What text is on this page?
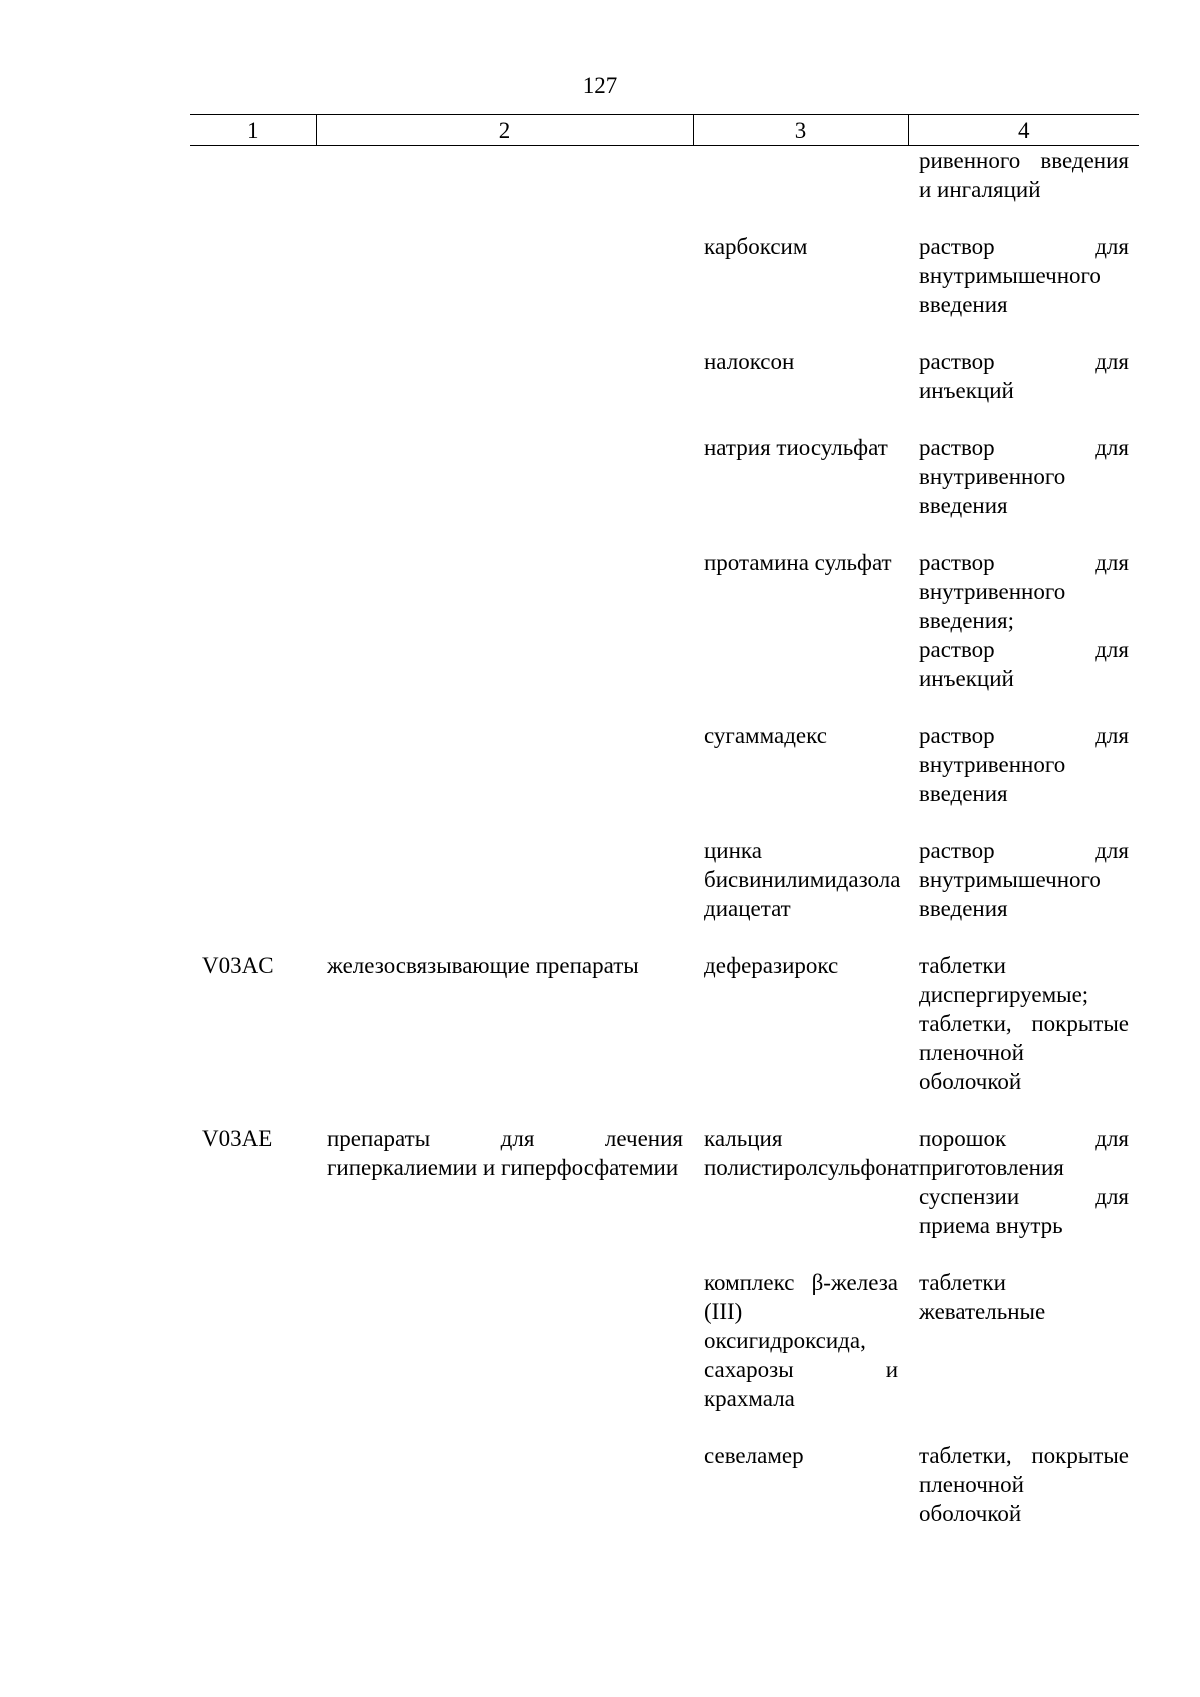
127
1	2	3	4
			ривенного введения и ингаляций
		карбоксим	раствор для внутримышечного введения
		налоксон	раствор для инъекций
		натрия тиосульфат	раствор для внутривенного введения
		протамина сульфат	раствор для внутривенного введения;
раствор для инъекций

		сугаммадекс	раствор для внутривенного введения
		цинка бисвинилимидазола диацетат	раствор для внутримышечного введения
V03AC	железосвязывающие препараты	деферазирокс	таблетки диспергируемые;
таблетки, покрытые пленочной оболочкой

V03AE	препараты для лечения гиперкалиемии и гиперфосфатемии	кальция полистиролсульфонат	порошок для приготовления суспензии для приема внутрь
		комплекс β-железа (III) оксигидроксида, сахарозы и крахмала	таблетки жевательные
		севеламер	таблетки, покрытые пленочной оболочкой
